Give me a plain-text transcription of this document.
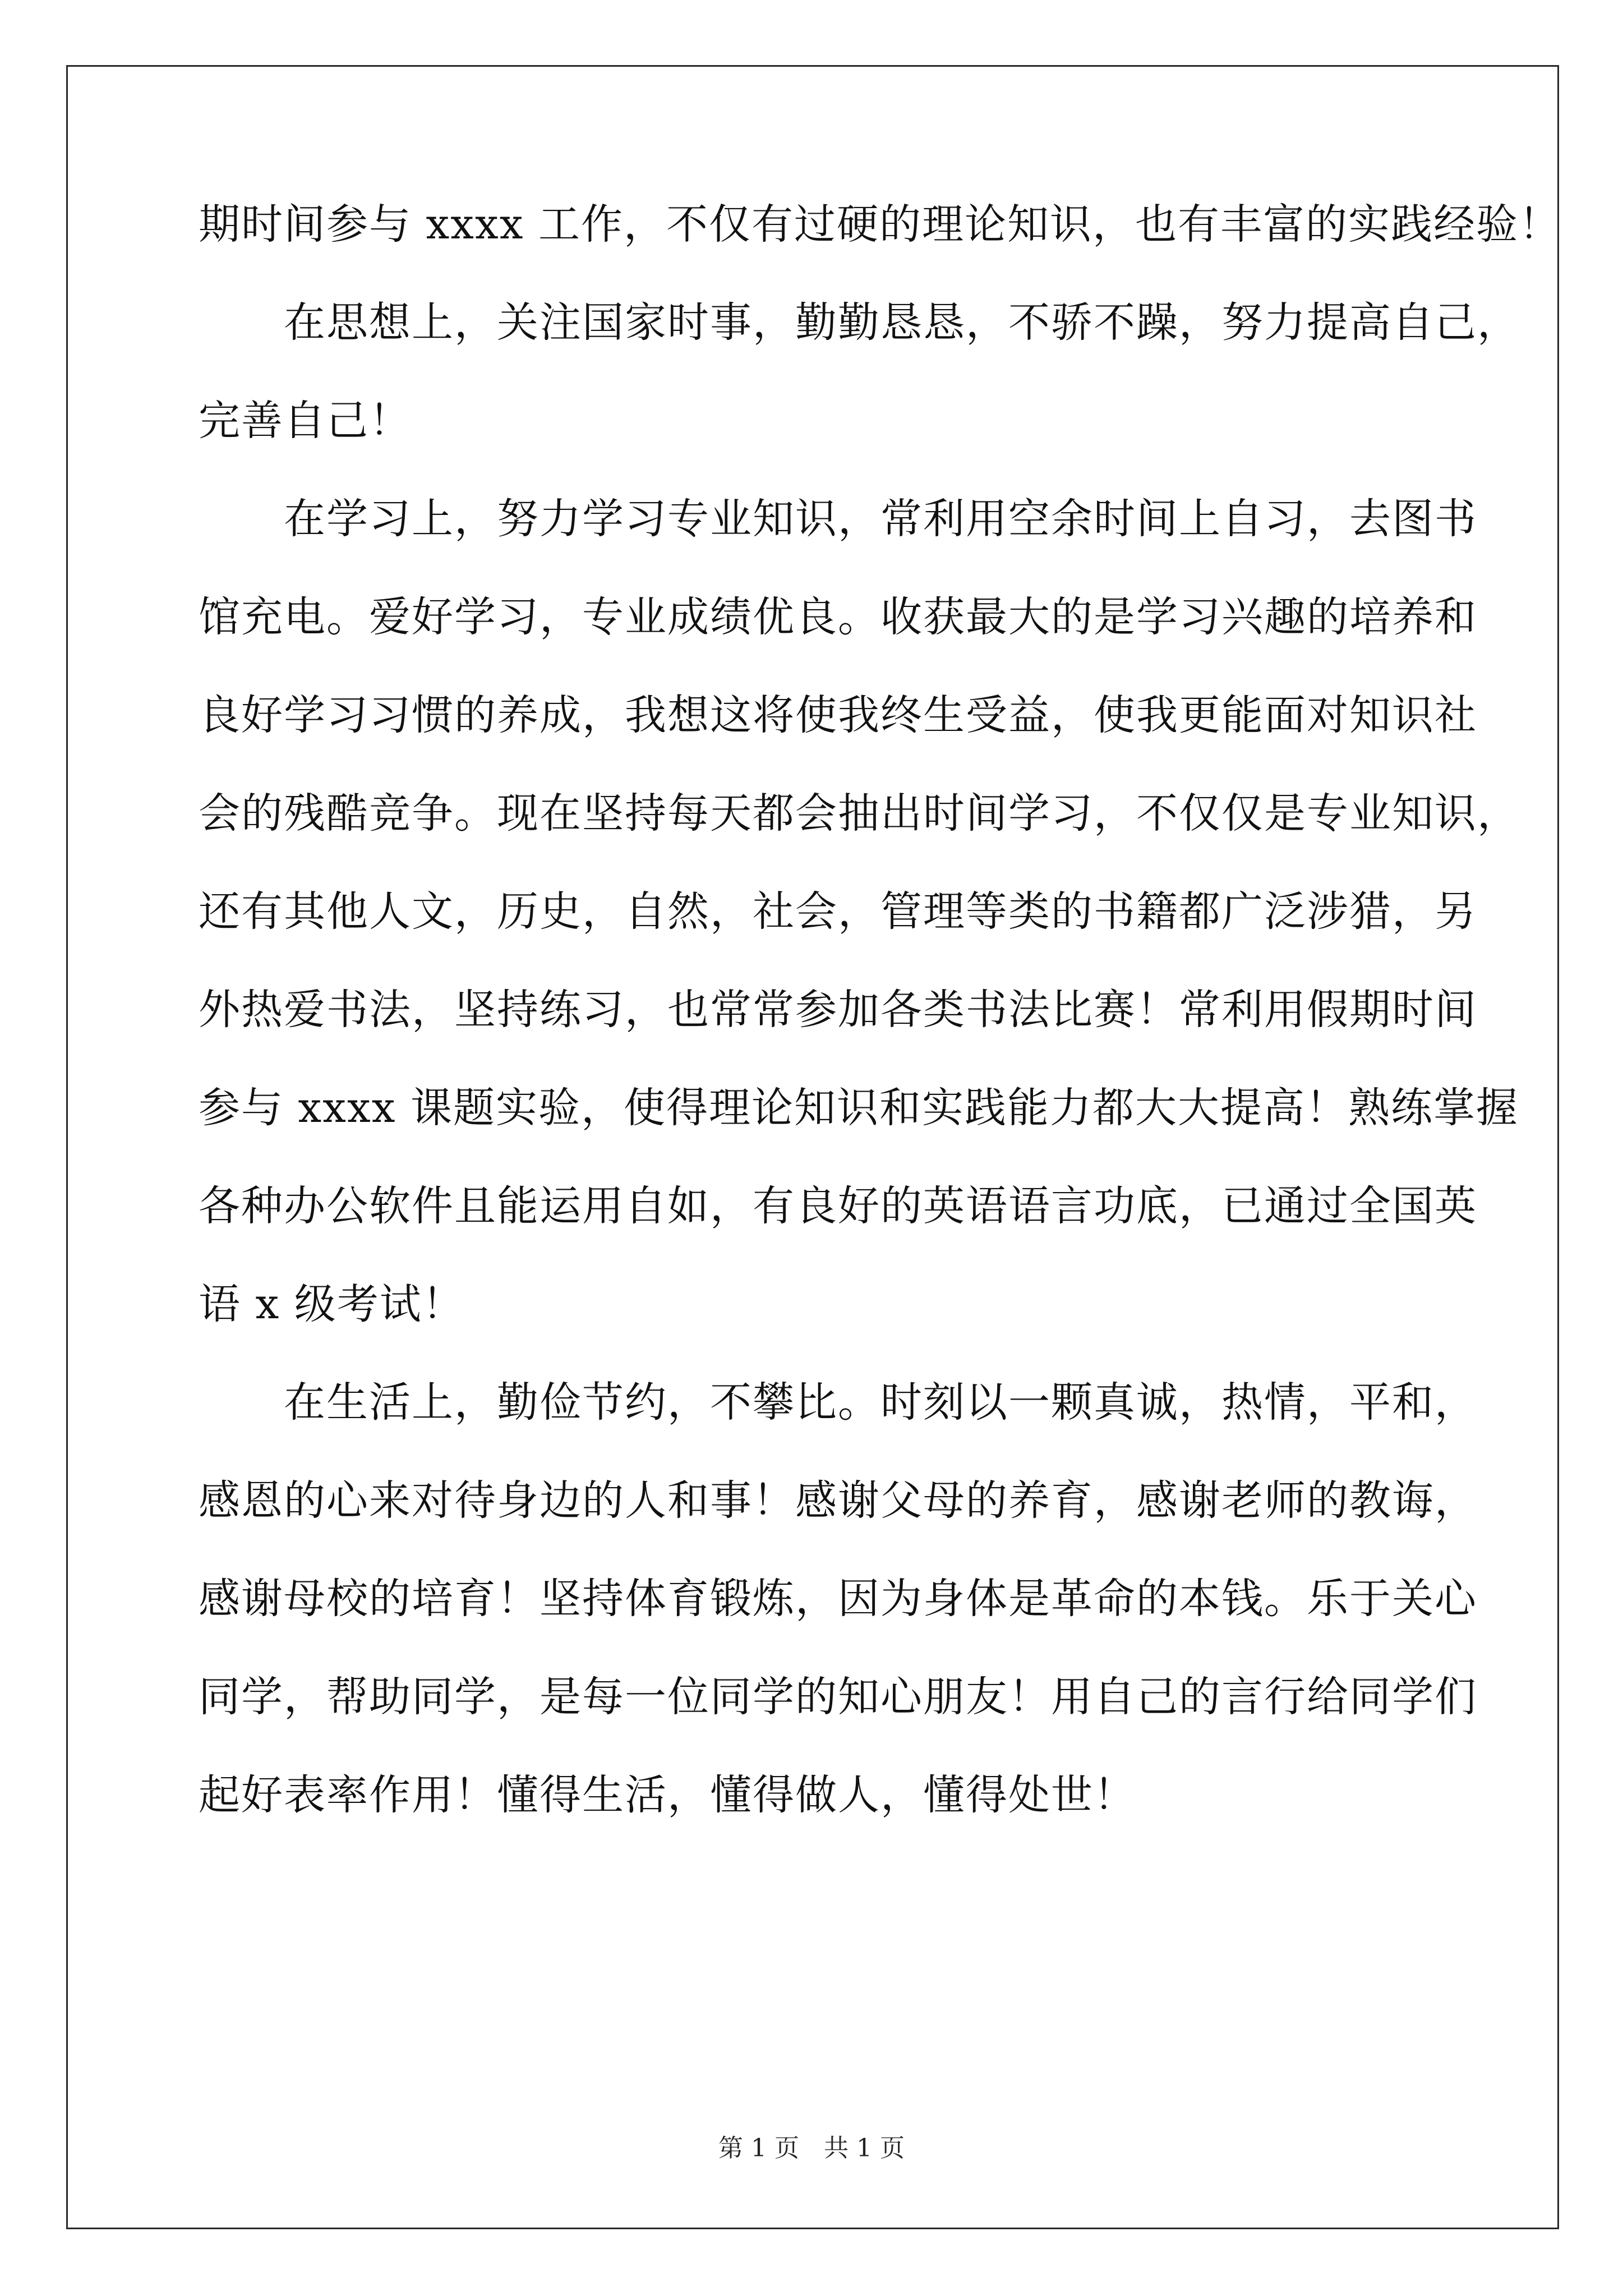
期时间参与 xxxx 工作，不仅有过硬的理论知识，也有丰富的实践经验！
　　在思想上，关注国家时事，勤勤恳恳，不骄不躁，努力提高自己，
完善自己！
　　在学习上，努力学习专业知识，常利用空余时间上自习，去图书
馆充电。爱好学习，专业成绩优良。收获最大的是学习兴趣的培养和
良好学习习惯的养成，我想这将使我终生受益，使我更能面对知识社
会的残酷竞争。现在坚持每天都会抽出时间学习，不仅仅是专业知识，
还有其他人文，历史，自然，社会，管理等类的书籍都广泛涉猎，另
外热爱书法，坚持练习，也常常参加各类书法比赛！常利用假期时间
参与 xxxx 课题实验，使得理论知识和实践能力都大大提高！熟练掌握
各种办公软件且能运用自如，有良好的英语语言功底，已通过全国英
语 x 级考试！
　　在生活上，勤俭节约，不攀比。时刻以一颗真诚，热情，平和，
感恩的心来对待身边的人和事！感谢父母的养育，感谢老师的教诲，
感谢母校的培育！坚持体育锻炼，因为身体是革命的本钱。乐于关心
同学，帮助同学，是每一位同学的知心朋友！用自己的言行给同学们
起好表率作用！懂得生活，懂得做人，懂得处世！
第 1 页　共 1 页
